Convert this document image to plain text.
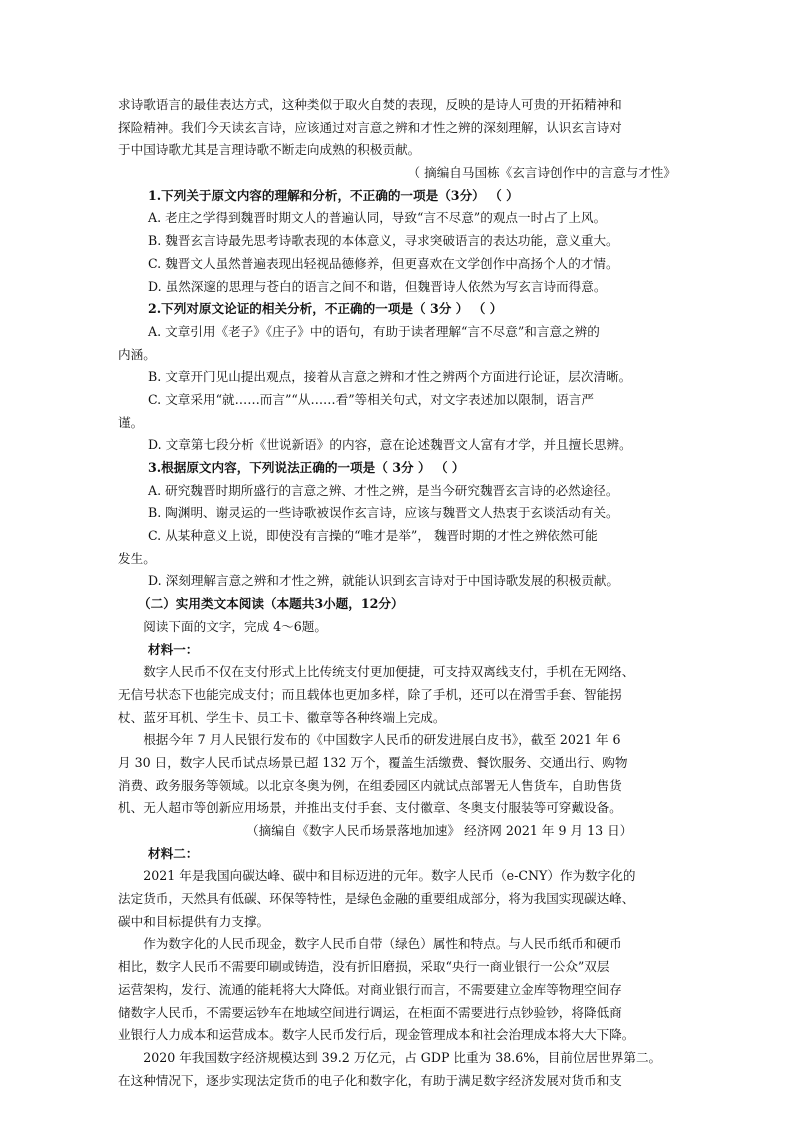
求诗歌语言的最佳表达方式，这种类似于取火自焚的表现，反映的是诗人可贵的开拓精神和
探险精神。我们今天读玄言诗，应该通过对言意之辨和才性之辨的深刻理解，认识玄言诗对
于中国诗歌尤其是言理诗歌不断走向成熟的积极贡献。
（ 摘编自马国栋《玄言诗创作中的言意与才性》
1.下列关于原文内容的理解和分析，不正确的一项是（3分） （ ）
A. 老庄之学得到魏晋时期文人的普遍认同，导致“言不尽意”的观点一时占了上风。
B. 魏晋玄言诗最先思考诗歌表现的本体意义，寻求突破语言的表达功能，意义重大。
C. 魏晋文人虽然普遍表现出轻视品德修养，但更喜欢在文学创作中高扬个人的才情。
D. 虽然深邃的思理与苍白的语言之间不和谐，但魏晋诗人依然为写玄言诗而得意。
2.下列对原文论证的相关分析，不正确的一项是（ 3分 ） （ ）
A. 文章引用《老子》《庄子》中的语句，有助于读者理解“言不尽意”和言意之辨的
内涵。
B. 文章开门见山提出观点，接着从言意之辨和才性之辨两个方面进行论证，层次清晰。
C. 文章采用“就……而言”“从……看”等相关句式，对文字表述加以限制，语言严
谨。
D. 文章第七段分析《世说新语》的内容，意在论述魏晋文人富有才学，并且擅长思辨。
3.根据原文内容，下列说法正确的一项是（ 3分 ） （ ）
A. 研究魏晋时期所盛行的言意之辨、才性之辨，是当今研究魏晋玄言诗的必然途径。
B. 陶渊明、谢灵运的一些诗歌被误作玄言诗，应该与魏晋文人热衷于玄谈活动有关。
C. 从某种意义上说，即使没有言操的“唯才是举”， 魏晋时期的才性之辨依然可能
发生。
D. 深刻理解言意之辨和才性之辨，就能认识到玄言诗对于中国诗歌发展的积极贡献。
（二）实用类文本阅读（本题共3小题，12分）
阅读下面的文字，完成 4～6题。
材料一：
数字人民币不仅在支付形式上比传统支付更加便捷，可支持双离线支付，手机在无网络、
无信号状态下也能完成支付；而且载体也更加多样，除了手机，还可以在滑雪手套、智能拐
杖、蓝牙耳机、学生卡、员工卡、徽章等各种终端上完成。
根据今年 7 月人民银行发布的《中国数字人民币的研发进展白皮书》，截至 2021 年 6
月 30 日，数字人民币试点场景已超 132 万个，覆盖生活缴费、餐饮服务、交通出行、购物
消费、政务服务等领域。以北京冬奥为例，在组委园区内就试点部署无人售货车，自助售货
机、无人超市等创新应用场景，并推出支付手套、支付徽章、冬奥支付服装等可穿戴设备。
（摘编自《数字人民币场景落地加速》 经济网 2021 年 9 月 13 日）
材料二：
2021 年是我国向碳达峰、碳中和目标迈进的元年。数字人民币（e-CNY）作为数字化的
法定货币，天然具有低碳、环保等特性，是绿色金融的重要组成部分，将为我国实现碳达峰、
碳中和目标提供有力支撑。
作为数字化的人民币现金，数字人民币自带（绿色）属性和特点。与人民币纸币和硬币
相比，数字人民币不需要印刷或铸造，没有折旧磨损，采取“央行一商业银行一公众”双层
运营架构，发行、流通的能耗将大大降低。对商业银行而言，不需要建立金库等物理空间存
储数字人民币，不需要运钞车在地域空间进行调运，在柜面不需要进行点钞验钞，将降低商
业银行人力成本和运营成本。数字人民币发行后，现金管理成本和社会治理成本将大大下降。
2020 年我国数字经济规模达到 39.2 万亿元，占 GDP 比重为 38.6%，目前位居世界第二。
在这种情况下，逐步实现法定货币的电子化和数字化，有助于满足数字经济发展对货币和支
